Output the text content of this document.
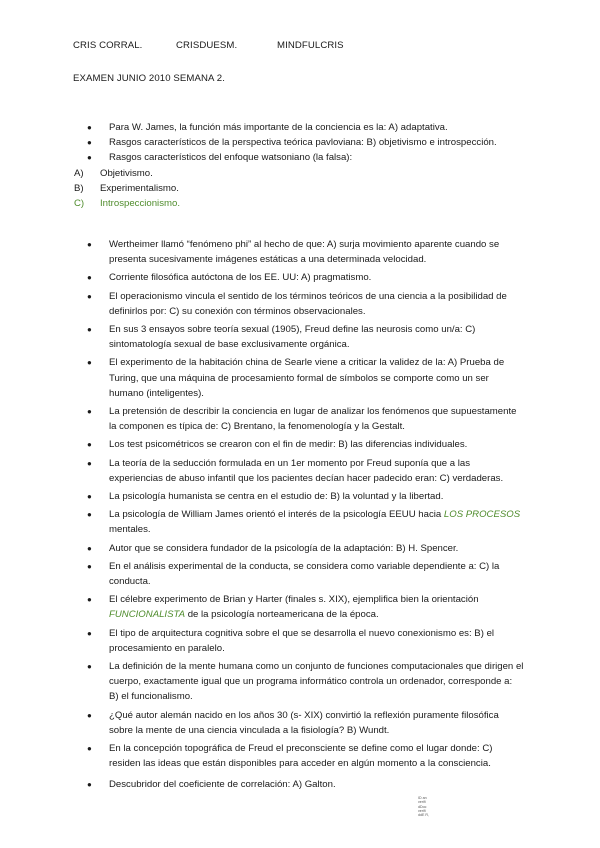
CRIS CORRAL.	CRISDUESM.	MINDFULCRIS
EXAMEN JUNIO 2010 SEMANA 2.
● Para W. James, la función más importante de la conciencia es la: A) adaptativa.
● Rasgos característicos de la perspectiva teórica pavloviana: B) objetivismo e introspección.
● Rasgos característicos del enfoque watsoniano (la falsa):
A) Objetivismo.
B) Experimentalismo.
C) Introspeccionismo.
● Wertheimer llamó “fenómeno phi” al hecho de que: A) surja movimiento aparente cuando se presenta sucesivamente imágenes estáticas a una determinada velocidad.
● Corriente filosófica autóctona de los EE. UU: A) pragmatismo.
● El operacionismo vincula el sentido de los términos teóricos de una ciencia a la posibilidad de definirlos por: C) su conexión con términos observacionales.
● En sus 3 ensayos sobre teoría sexual (1905), Freud define las neurosis como un/a: C) sintomatología sexual de base exclusivamente orgánica.
● El experimento de la habitación china de Searle viene a criticar la validez de la: A) Prueba de Turing, que una máquina de procesamiento formal de símbolos se comporte como un ser humano (inteligentes).
● La pretensión de describir la conciencia en lugar de analizar los fenómenos que supuestamente la componen es típica de: C) Brentano, la fenomenología y la Gestalt.
● Los test psicométricos se crearon con el fin de medir: B) las diferencias individuales.
● La teoría de la seducción formulada en un 1er momento por Freud suponía que a las experiencias de abuso infantil que los pacientes decían hacer padecido eran: C) verdaderas.
● La psicología humanista se centra en el estudio de: B) la voluntad y la libertad.
● La psicología de William James orientó el interés de la psicología EEUU hacia LOS PROCESOS mentales.
● Autor que se considera fundador de la psicología de la adaptación: B) H. Spencer.
● En el análisis experimental de la conducta, se considera como variable dependiente a: C) la conducta.
● El célebre experimento de Brian y Harter (finales s. XIX), ejemplifica bien la orientación FUNCIONALISTA de la psicología norteamericana de la época.
● El tipo de arquitectura cognitiva sobre el que se desarrolla el nuevo conexionismo es: B) el procesamiento en paralelo.
● La definición de la mente humana como un conjunto de funciones computacionales que dirigen el cuerpo, exactamente igual que un programa informático controla un ordenador, corresponde a: B) el funcionalismo.
● ¿Qué autor alemán nacido en los años 30 (s- XIX) convirtió la reflexión puramente filosófica sobre la mente de una ciencia vinculada a la fisiología? B) Wundt.
● En la concepción topográfica de Freud el preconsciente se define como el lugar donde: C) residen las ideas que están disponibles para acceder en algún momento a la consciencia.
● Descubridor del coeficiente de correlación: A) Galton.
ID an
verifi
dDoc
verifi
ddE R,
